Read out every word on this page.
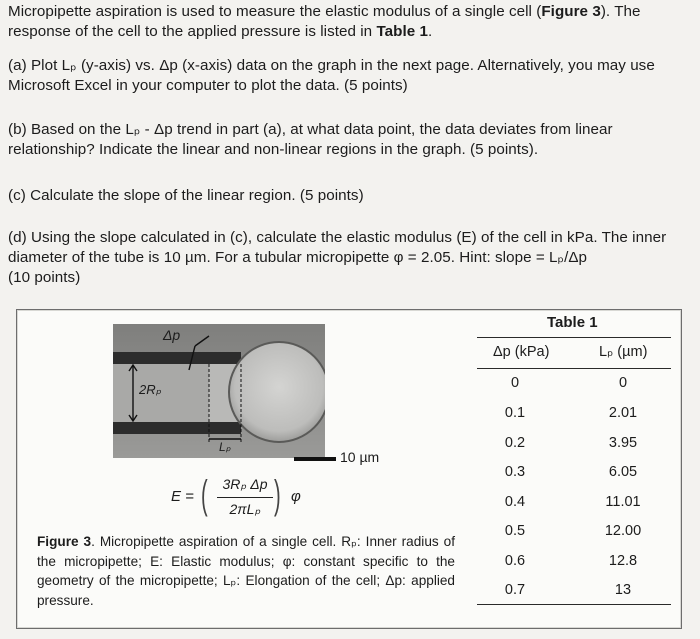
Micropipette aspiration is used to measure the elastic modulus of a single cell (Figure 3). The response of the cell to the applied pressure is listed in Table 1.
(a) Plot Lₚ (y-axis) vs. Δp (x-axis) data on the graph in the next page. Alternatively, you may use Microsoft Excel in your computer to plot the data. (5 points)
(b) Based on the Lₚ - Δp trend in part (a), at what data point, the data deviates from linear relationship? Indicate the linear and non-linear regions in the graph. (5 points).
(c) Calculate the slope of the linear region. (5 points)
(d) Using the slope calculated in (c), calculate the elastic modulus (E) of the cell in kPa. The inner diameter of the tube is 10 µm. For a tubular micropipette φ = 2.05. Hint: slope = Lₚ/Δp
(10 points)
Δp
2Rₚ
Lₚ
10 µm
E = (	3Rₚ Δp
2πLₚ ) φ
Figure 3. Micropipette aspiration of a single cell. Rₚ: Inner radius of the micropipette; E: Elastic modulus; φ: constant specific to the geometry of the micropipette; Lₚ: Elongation of the cell; Δp: applied pressure.
Table 1
Δp (kPa)	Lₚ (µm)
0	0
0.1	2.01
0.2	3.95
0.3	6.05
0.4	11.01
0.5	12.00
0.6	12.8
0.7	13
